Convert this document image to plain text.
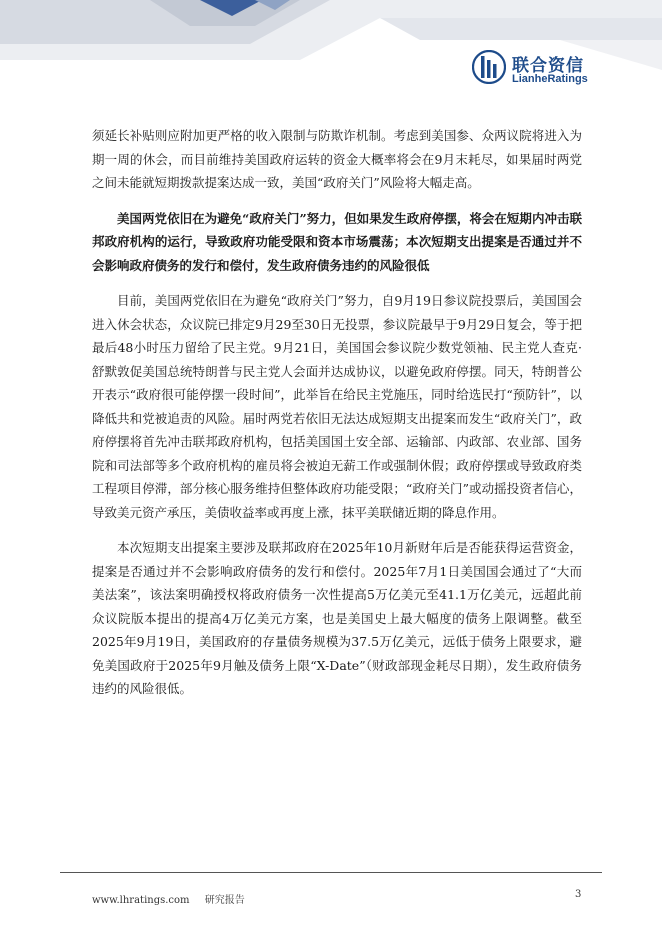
联合资信
LianheRatings

须延长补贴则应附加更严格的收入限制与防欺诈机制。考虑到美国参、众两议院将进入为期一周的休会，而目前维持美国政府运转的资金大概率将会在9月末耗尽，如果届时两党之间未能就短期拨款提案达成一致，美国“政府关门”风险将大幅走高。

美国两党依旧在为避免“政府关门”努力，但如果发生政府停摆，将会在短期内冲击联邦政府机构的运行，导致政府功能受限和资本市场震荡；本次短期支出提案是否通过并不会影响政府债务的发行和偿付，发生政府债务违约的风险很低

目前，美国两党依旧在为避免“政府关门”努力，自9月19日参议院投票后，美国国会进入休会状态，众议院已排定9月29至30日无投票，参议院最早于9月29日复会，等于把最后48小时压力留给了民主党。9月21日，美国国会参议院少数党领袖、民主党人查克·舒默敦促美国总统特朗普与民主党人会面并达成协议，以避免政府停摆。同天，特朗普公开表示“政府很可能停摆一段时间”，此举旨在给民主党施压，同时给选民打“预防针”，以降低共和党被追责的风险。届时两党若依旧无法达成短期支出提案而发生“政府关门”，政府停摆将首先冲击联邦政府机构，包括美国国土安全部、运输部、内政部、农业部、国务院和司法部等多个政府机构的雇员将会被迫无薪工作或强制休假；政府停摆或导致政府类工程项目停滞，部分核心服务维持但整体政府功能受限；“政府关门”或动摇投资者信心，导致美元资产承压，美债收益率或再度上涨，抹平美联储近期的降息作用。

本次短期支出提案主要涉及联邦政府在2025年10月新财年后是否能获得运营资金，提案是否通过并不会影响政府债务的发行和偿付。2025年7月1日美国国会通过了“大而美法案”，该法案明确授权将政府债务一次性提高5万亿美元至41.1万亿美元，远超此前众议院版本提出的提高4万亿美元方案，也是美国史上最大幅度的债务上限调整。截至2025年9月19日，美国政府的存量债务规模为37.5万亿美元，远低于债务上限要求，避免美国政府于2025年9月触及债务上限“X-Date”（财政部现金耗尽日期），发生政府债务违约的风险很低。

www.lhratings.com 研究报告
3
